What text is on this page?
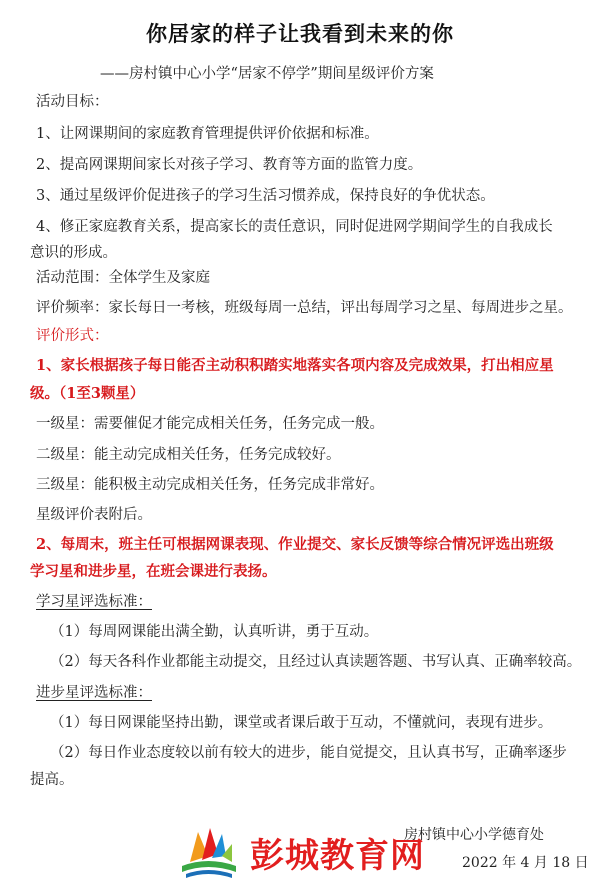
你居家的样子让我看到未来的你
——房村镇中心小学“居家不停学”期间星级评价方案
活动目标：
1、让网课期间的家庭教育管理提供评价依据和标准。
2、提高网课期间家长对孩子学习、教育等方面的监管力度。
3、通过星级评价促进孩子的学习生活习惯养成，保持良好的争优状态。
4、修正家庭教育关系，提高家长的责任意识，同时促进网学期间学生的自我成长
意识的形成。
活动范围：全体学生及家庭
评价频率：家长每日一考核，班级每周一总结，评出每周学习之星、每周进步之星。
评价形式：
1、家长根据孩子每日能否主动积积踏实地落实各项内容及完成效果，打出相应星
级。（1至3颗星）
一级星：需要催促才能完成相关任务，任务完成一般。
二级星：能主动完成相关任务，任务完成较好。
三级星：能积极主动完成相关任务，任务完成非常好。
星级评价表附后。
2、每周末，班主任可根据网课表现、作业提交、家长反馈等综合情况评选出班级
学习星和进步星，在班会课进行表扬。
学习星评选标准：
（1）每周网课能出满全勤，认真听讲，勇于互动。
（2）每天各科作业都能主动提交，且经过认真读题答题、书写认真、正确率较高。
进步星评选标准：
（1）每日网课能坚持出勤，课堂或者课后敢于互动，不懂就问，表现有进步。
（2）每日作业态度较以前有较大的进步，能自觉提交，且认真书写，正确率逐步
提高。
房村镇中心小学德育处
2022 年 4 月 18 日
彭城教育网
